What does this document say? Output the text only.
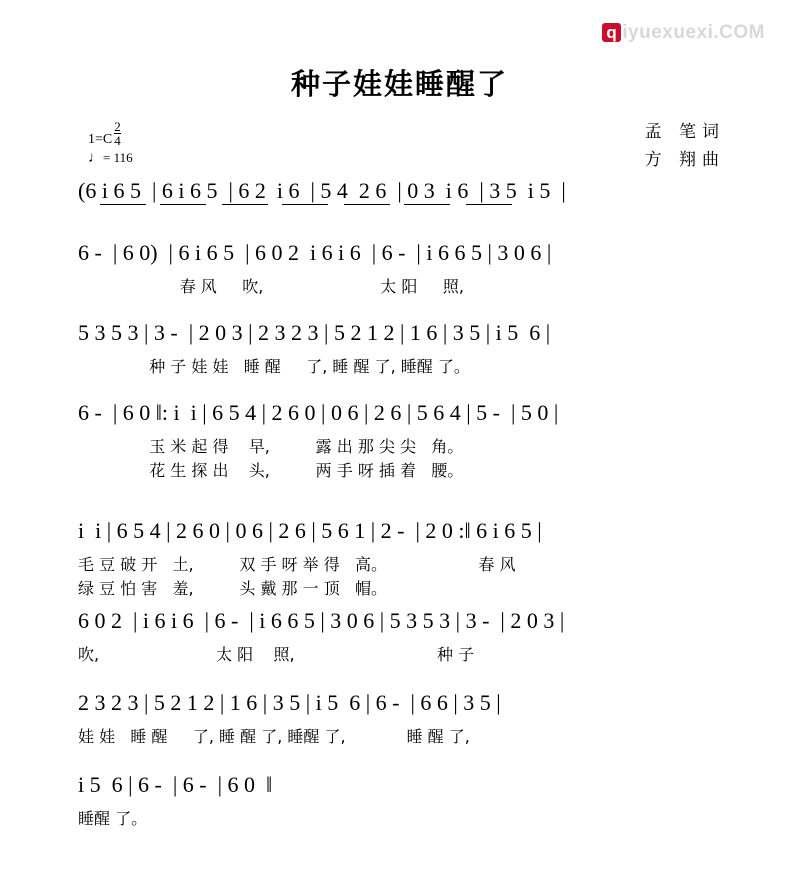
q iyuexuexi.COM
种子娃娃睡醒了
$1=C \frac{2}{4}$
♩= 116
孟 笔词
方 翔曲
(6 i 6 5  | 6 i 6 5  | 6 2  i 6  | 5 4  2 6  | 0 3  i 6  | 3 5  i 5  |
6 -  | 6 0)  | 6 i 6 5  | 6 0 2  i 6 i 6  | 6 -  | i 6 6 5 | 3 0 6 |
春 风     吹,                       太 阳     照,
5 3 5 3 | 3 -  | 2 0 3 | 2 3 2 3 | 5 2 1 2 | 1 6 | 3 5 | i 5  6 |
种 子 娃 娃   睡 醒     了, 睡 醒 了, 睡醒 了。
6 -  | 6 0 ‖: i  i | 6 5 4 | 2 6 0 | 0 6 | 2 6 | 5 6 4 | 5 -  | 5 0 |
玉 米 起 得    早,         露 出 那 尖 尖   角。
花 生 探 出    头,         两 手 呀 插 着   腰。
i  i | 6 5 4 | 2 6 0 | 0 6 | 2 6 | 5 6 1 | 2 -  | 2 0 :‖ 6 i 6 5 |
毛 豆 破 开   土,         双 手 呀 举 得   高。                  春 风
绿 豆 怕 害   羞,         头 戴 那 一 顶   帽。
6 0 2  | i 6 i 6  | 6 -  | i 6 6 5 | 3 0 6 | 5 3 5 3 | 3 -  | 2 0 3 |
吹,                       太 阳    照,                            种 子
2 3 2 3 | 5 2 1 2 | 1 6 | 3 5 | i 5  6 | 6 -  | 6 6 | 3 5 |
娃 娃   睡 醒     了, 睡 醒 了, 睡醒 了,            睡 醒 了,
i 5  6 | 6 -  | 6 -  | 6 0  ‖
睡醒 了。
